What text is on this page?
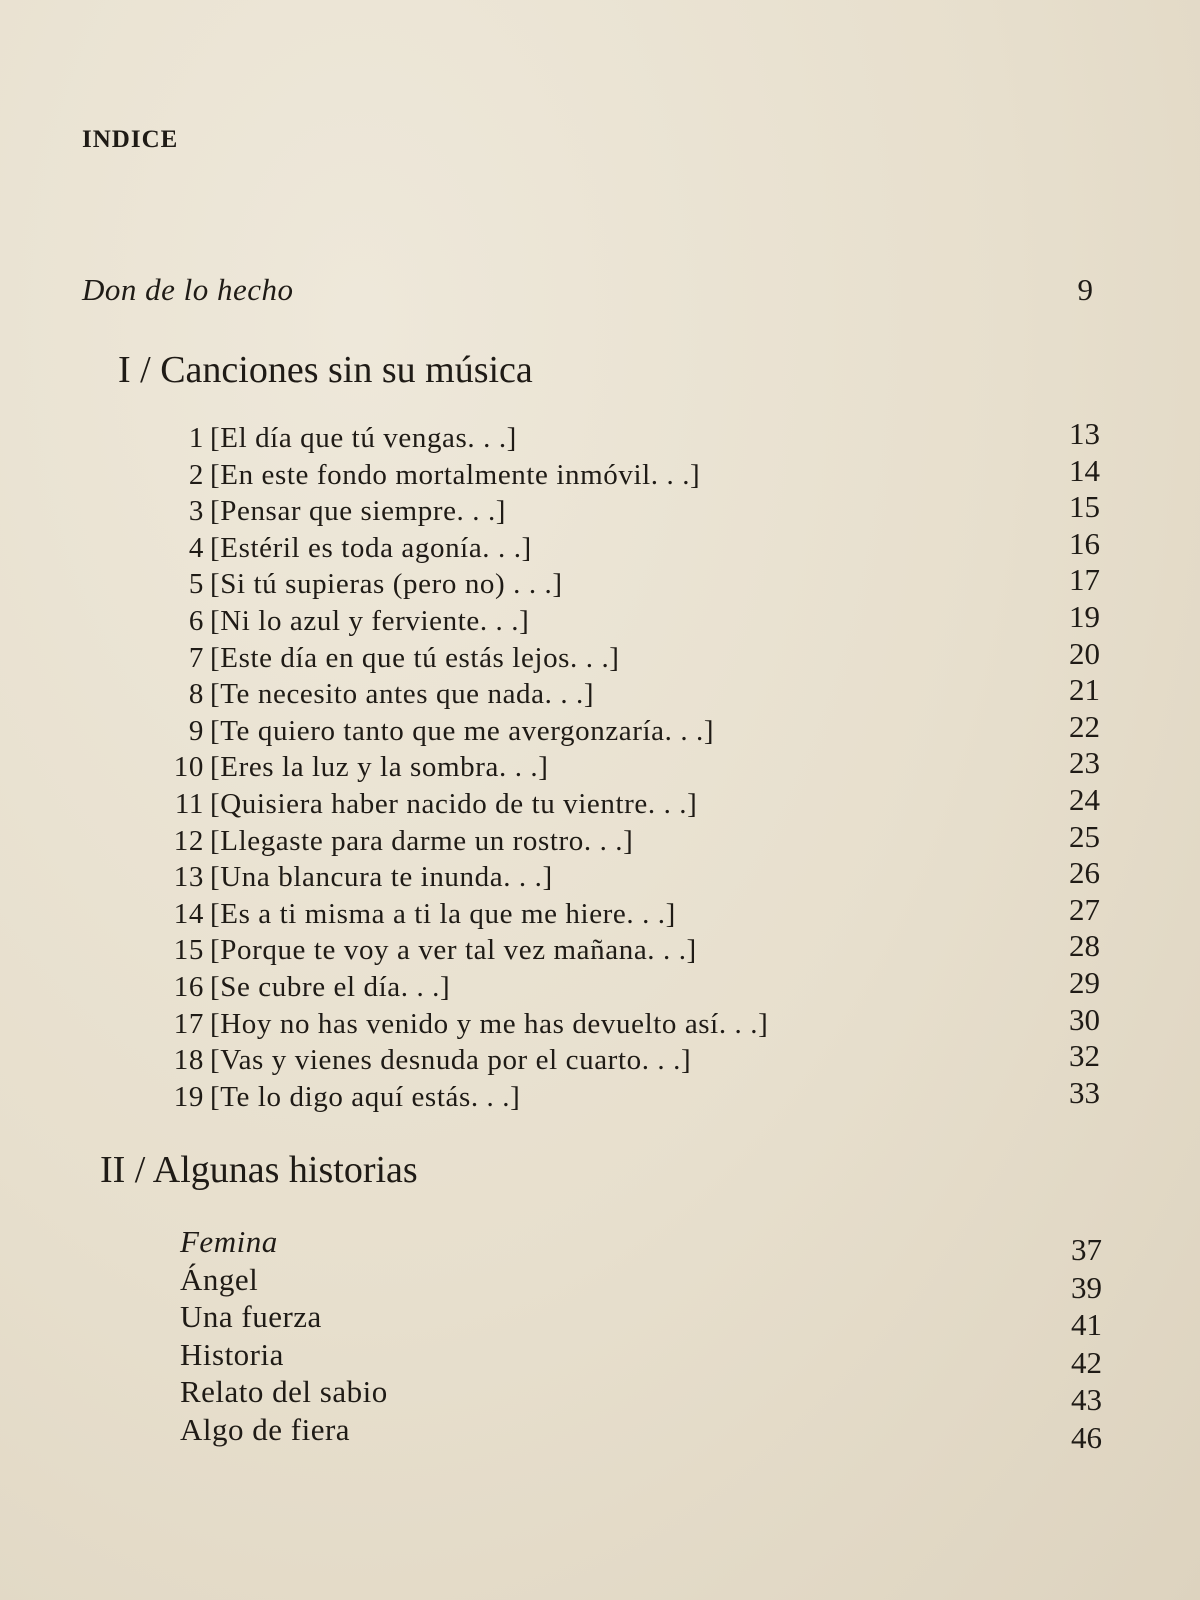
INDICE
Don de lo hecho	9
I / Canciones sin su música
1 [El día que tú vengas. . .]	13
2 [En este fondo mortalmente inmóvil. . .]	14
3 [Pensar que siempre. . .]	15
4 [Estéril es toda agonía. . .]	16
5 [Si tú supieras (pero no) . . .]	17
6 [Ni lo azul y ferviente. . .]	19
7 [Este día en que tú estás lejos. . .]	20
8 [Te necesito antes que nada. . .]	21
9 [Te quiero tanto que me avergonzaría. . .]	22
10 [Eres la luz y la sombra. . .]	23
11 [Quisiera haber nacido de tu vientre. . .]	24
12 [Llegaste para darme un rostro. . .]	25
13 [Una blancura te inunda. . .]	26
14 [Es a ti misma a ti la que me hiere. . .]	27
15 [Porque te voy a ver tal vez mañana. . .]	28
16 [Se cubre el día. . .]	29
17 [Hoy no has venido y me has devuelto así. . .]	30
18 [Vas y vienes desnuda por el cuarto. . .]	32
19 [Te lo digo aquí estás. . .]	33
II / Algunas historias
Femina	37
Ángel	39
Una fuerza	41
Historia	42
Relato del sabio	43
Algo de fiera	46
